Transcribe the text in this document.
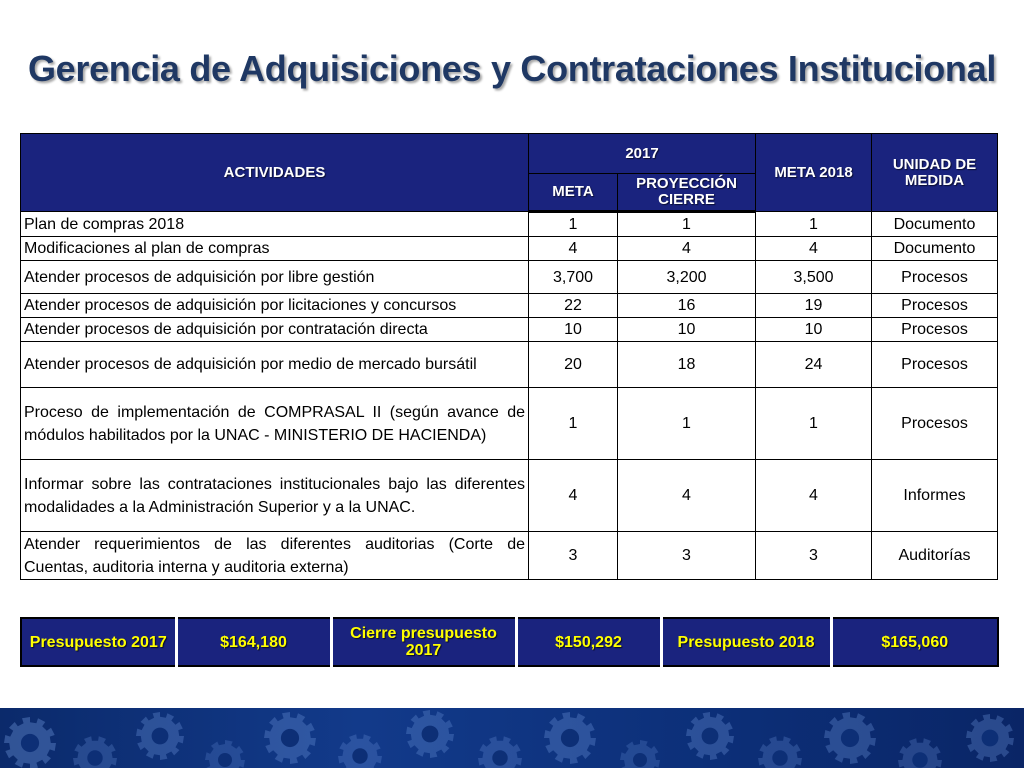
Gerencia de Adquisiciones y Contrataciones Institucional
ACTIVIDADES	2017		META 2018	UNIDAD DE MEDIDA
	META	PROYECCIÓN CIERRE		
Plan de compras 2018	1	1	1	Documento
Modificaciones al plan de compras	4	4	4	Documento
Atender procesos de adquisición por libre gestión	3,700	3,200	3,500	Procesos
Atender procesos de adquisición por licitaciones y concursos	22	16	19	Procesos
Atender procesos de adquisición por contratación directa	10	10	10	Procesos
Atender procesos de adquisición por medio de mercado bursátil	20	18	24	Procesos
Proceso de implementación de COMPRASAL II (según avance de módulos habilitados por la UNAC - MINISTERIO DE HACIENDA)	1	1	1	Procesos
Informar sobre las contrataciones institucionales bajo las diferentes modalidades a la Administración Superior y a la UNAC.	4	4	4	Informes
Atender requerimientos de las diferentes auditorias (Corte de Cuentas, auditoria interna y auditoria externa)	3	3	3	Auditorías
Presupuesto 2017	$164,180	Cierre presupuesto 2017	$150,292	Presupuesto 2018	$165,060
